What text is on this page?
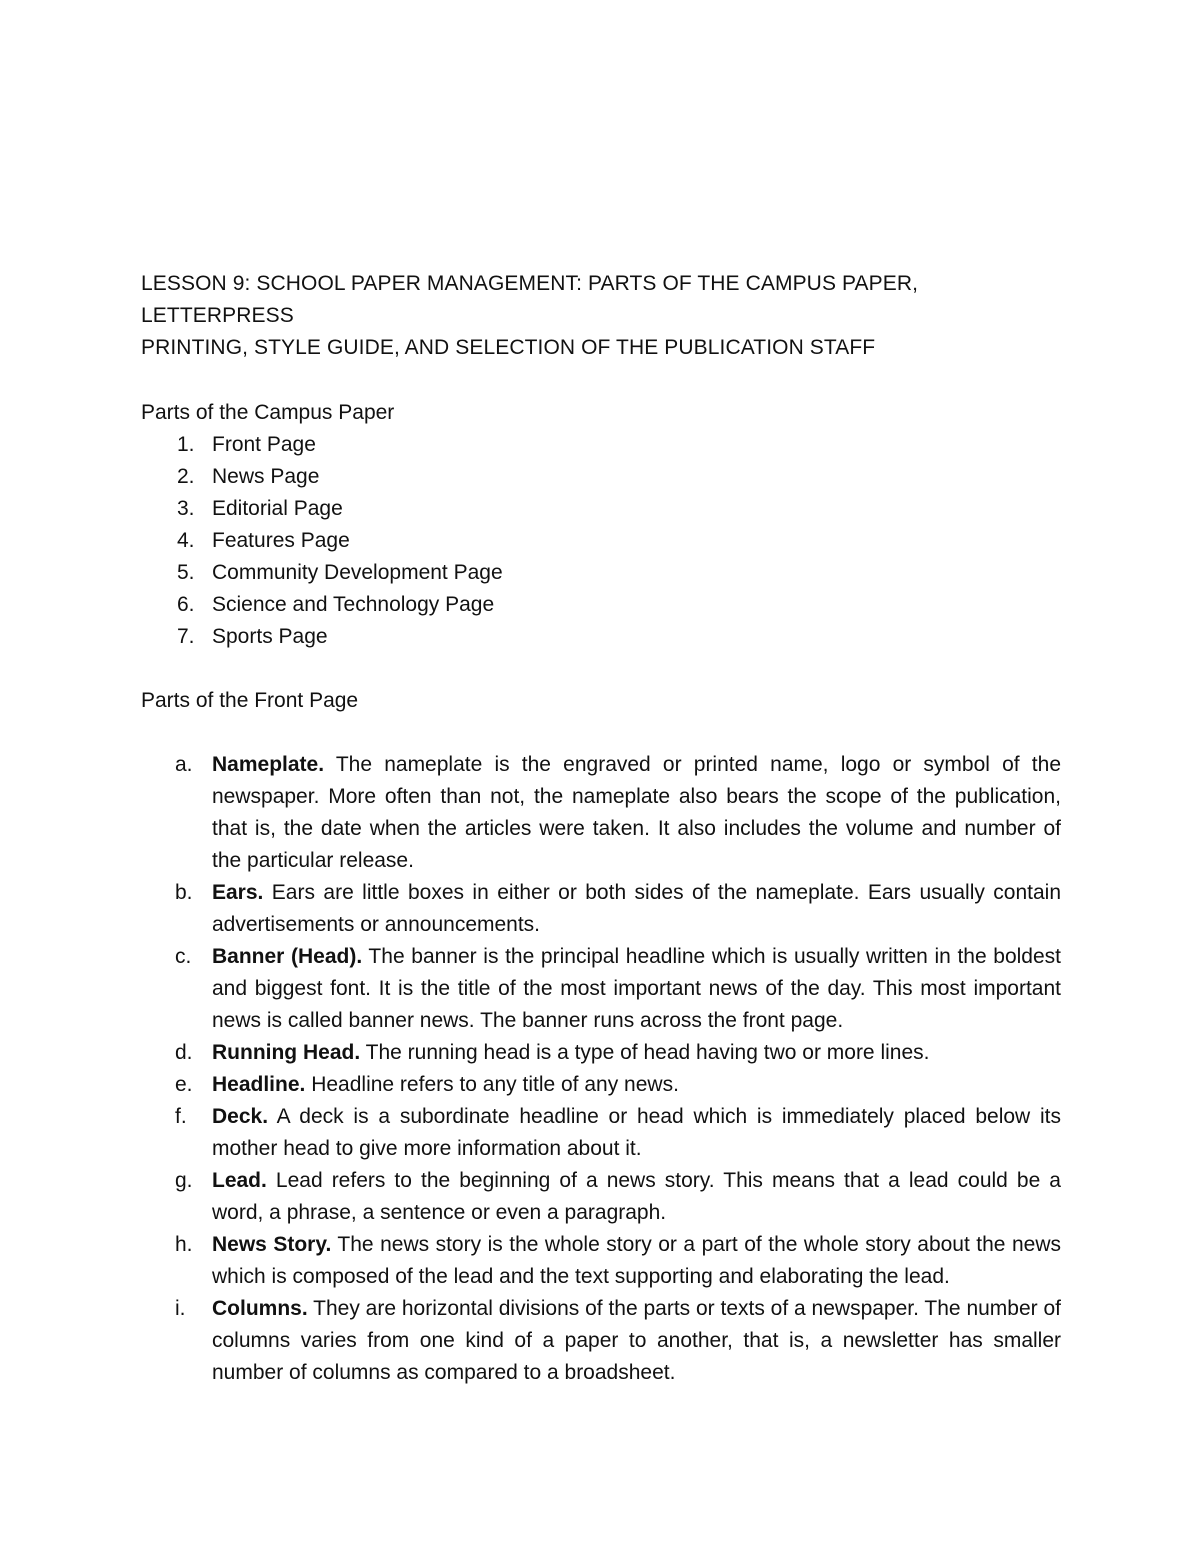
LESSON 9: SCHOOL PAPER MANAGEMENT: PARTS OF THE CAMPUS PAPER, LETTERPRESS
PRINTING, STYLE GUIDE, AND SELECTION OF THE PUBLICATION STAFF
Parts of the Campus Paper
1. Front Page
2. News Page
3. Editorial Page
4. Features Page
5. Community Development Page
6. Science and Technology Page
7. Sports Page
Parts of the Front Page
a. Nameplate. The nameplate is the engraved or printed name, logo or symbol of the newspaper. More often than not, the nameplate also bears the scope of the publication, that is, the date when the articles were taken. It also includes the volume and number of the particular release.
b. Ears. Ears are little boxes in either or both sides of the nameplate. Ears usually contain advertisements or announcements.
c. Banner (Head). The banner is the principal headline which is usually written in the boldest and biggest font. It is the title of the most important news of the day. This most important news is called banner news. The banner runs across the front page.
d. Running Head. The running head is a type of head having two or more lines.
e. Headline. Headline refers to any title of any news.
f. Deck. A deck is a subordinate headline or head which is immediately placed below its mother head to give more information about it.
g. Lead. Lead refers to the beginning of a news story. This means that a lead could be a word, a phrase, a sentence or even a paragraph.
h. News Story. The news story is the whole story or a part of the whole story about the news which is composed of the lead and the text supporting and elaborating the lead.
i. Columns. They are horizontal divisions of the parts or texts of a newspaper. The number of columns varies from one kind of a paper to another, that is, a newsletter has smaller number of columns as compared to a broadsheet.
